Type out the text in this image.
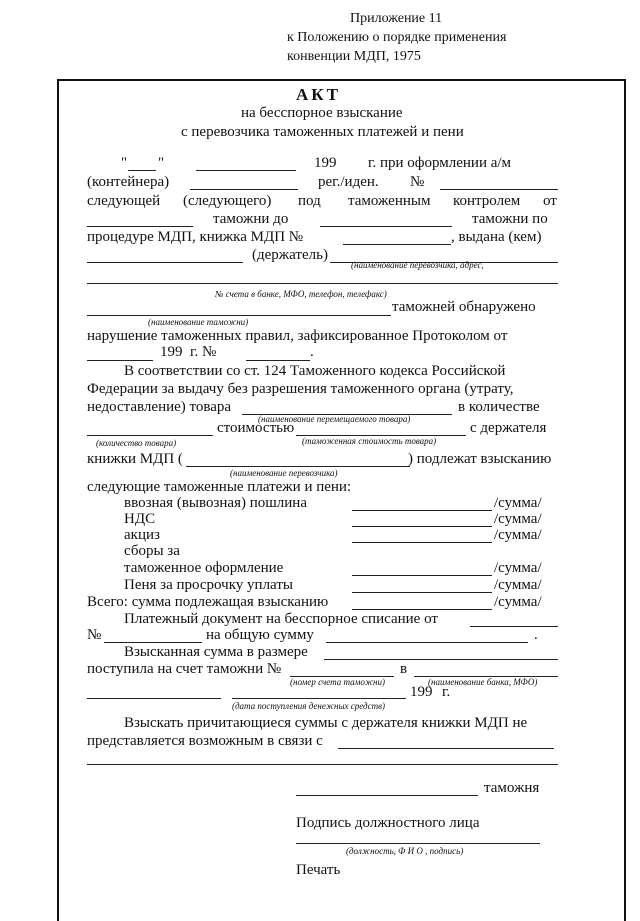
Приложение 11
к Положению о порядке применения
конвенции МДП, 1975
АКТ
на бесспорное взыскание
с перевозчика таможенных платежей и пени
" "	199 г. при оформлении а/м
(контейнера)	рег./иден. №
следующей (следующего) под таможенным контролем от
таможни до	таможни по
процедуре МДП, книжка МДП №	, выдана (кем)
(держатель)
(наименование перевозчика, адрес,
№ счета в банке, МФО, телефон, телефакс)
таможней обнаружено
(наименование таможни)
нарушение таможенных правил, зафиксированное Протоколом от
199 г. №	.
В соответствии со ст. 124 Таможенного кодекса Российской
Федерации за выдачу без разрешения таможенного органа (утрату,
недоставление) товара	в количестве
(наименование перемещаемого товара)
стоимостью	с держателя
(количество товара)	(таможенная стоимость товара)
книжки МДП (	) подлежат взысканию
(наименование перевозчика)
следующие таможенные платежи и пени:
ввозная (вывозная) пошлина	/сумма/
НДС	/сумма/
акциз	/сумма/
сборы за
таможенное оформление	/сумма/
Пеня за просрочку уплаты	/сумма/
Всего: сумма подлежащая взысканию	/сумма/
Платежный документ на бесспорное списание от
№	на общую сумму	.
Взысканная сумма в размере
поступила на счет таможни №	в
(номер счета таможни)	(наименование банка, МФО)
199 г.
(дата поступления денежных средств)
Взыскать причитающиеся суммы с держателя книжки МДП не
представляется возможным в связи с
таможня
Подпись должностного лица
(должность, Ф И О , подпись)
Печать
